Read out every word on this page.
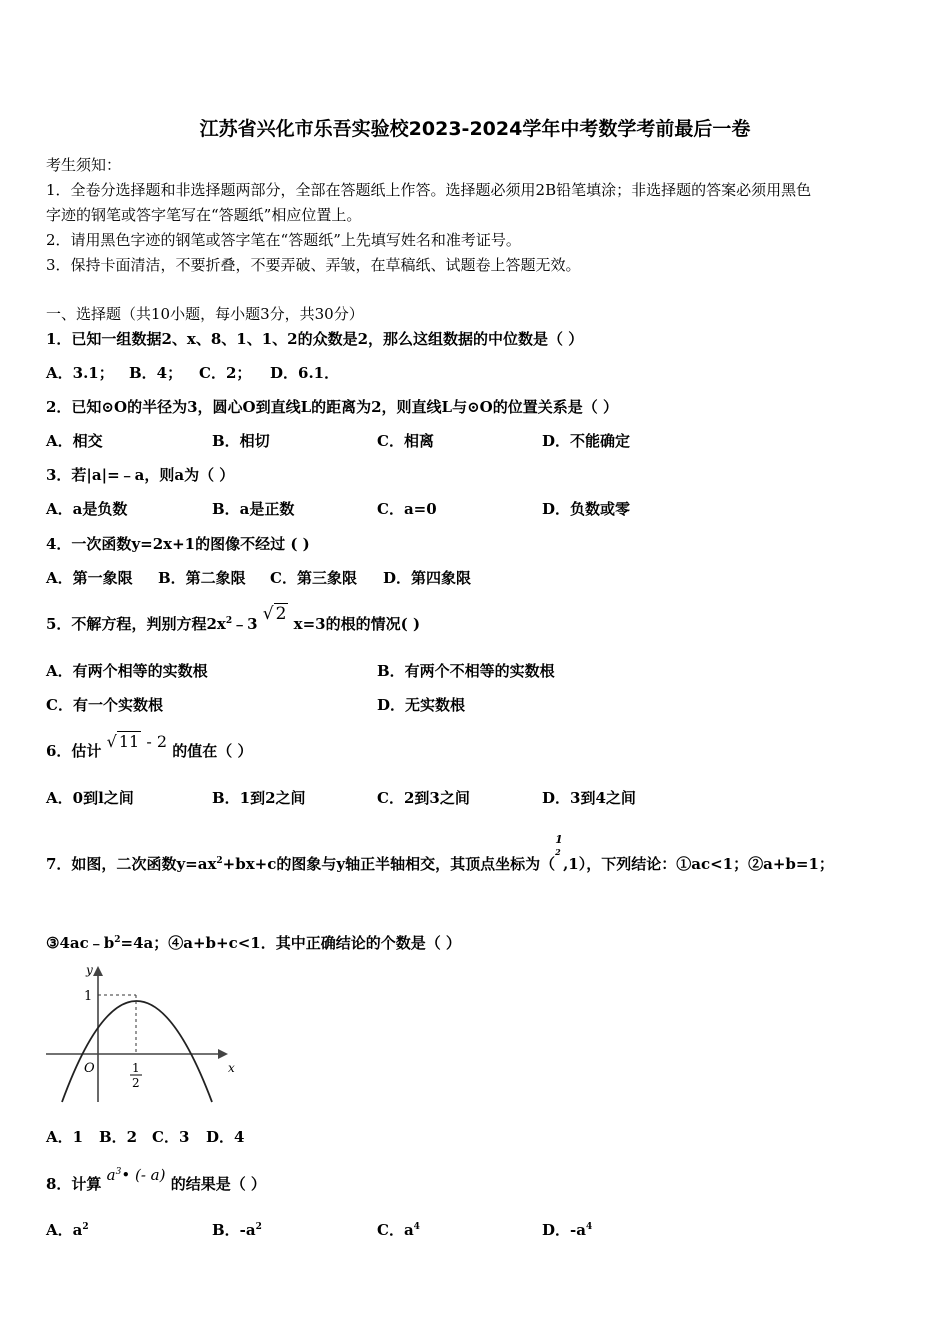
江苏省兴化市乐吾实验校2023-2024学年中考数学考前最后一卷
考生须知：
1．全卷分选择题和非选择题两部分，全部在答题纸上作答。选择题必须用2B铅笔填涂；非选择题的答案必须用黑色
字迹的钢笔或答字笔写在“答题纸”相应位置上。
2．请用黑色字迹的钢笔或答字笔在“答题纸”上先填写姓名和准考证号。
3．保持卡面清洁，不要折叠，不要弄破、弄皱，在草稿纸、试题卷上答题无效。
一、选择题（共10小题，每小题3分，共30分）
1．已知一组数据2、x、8、1、1、2的众数是2，那么这组数据的中位数是（ ）
A．3.1； B．4； C．2； D．6.1．
2．已知⊙O的半径为3，圆心O到直线L的距离为2，则直线L与⊙O的位置关系是（ ）
A．相交	B．相切	C．相离	D．不能确定
3．若|a|=﹣a，则a为（ ）
A．a是负数	B．a是正数	C．a=0	D．负数或零
4．一次函数y=2x+1的图像不经过 ( )
A．第一象限 B．第二象限 C．第三象限 D．第四象限
5．不解方程，判别方程$2x^2﹣3$ √ 2 x=3的根的情况( )
A．有两个相等的实数根	B．有两个不相等的实数根
C．有一个实数根	D．无实数根
6．估计 √ 11 - 2 的值在（ ）
A．0到l之间	B．1到2之间	C．2到3之间	D．3到4之间
7．如图，二次函数$y=ax^2+bx+c$的图象与y轴正半轴相交，其顶点坐标为（
1
2
,1），下列结论：①ac<1；②a+b=1；
$③4ac﹣b^2=4a$；④a+b+c<1．其中正确结论的个数是（ ）
y
1
O	1
2
x
A．1 B．2 C．3 D．4
8．计算 $a^3•$ (- a) 的结果是（ ）
A．$a^2$	B．$-a^2$	C．$a^4$	D．$-a^4$
